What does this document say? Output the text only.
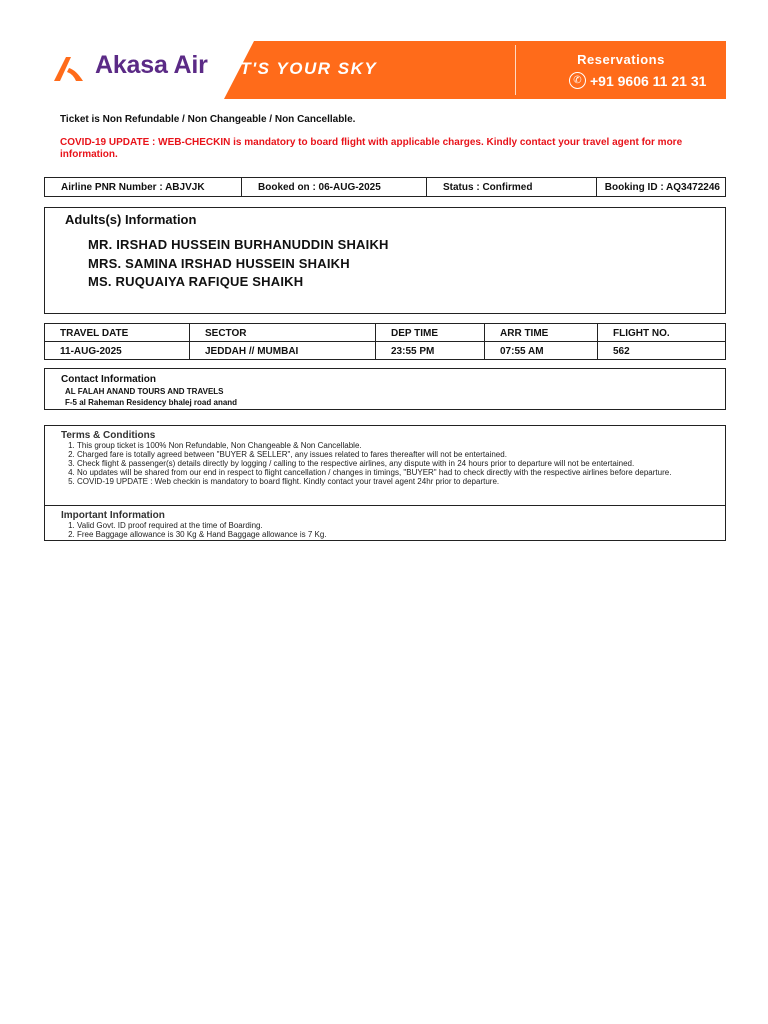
Akasa Air IT'S YOUR SKY	Reservations
✆ +91 9606 11 21 31
Ticket is Non Refundable / Non Changeable / Non Cancellable.
COVID-19 UPDATE : WEB-CHECKIN is mandatory to board flight with applicable charges. Kindly contact your travel agent for more information.
Airline PNR Number : ABJVJK	Booked on : 06-AUG-2025	Status : Confirmed	Booking ID : AQ3472246
Adults(s) Information
MR. IRSHAD HUSSEIN BURHANUDDIN SHAIKH
MRS. SAMINA IRSHAD HUSSEIN SHAIKH
MS. RUQUAIYA RAFIQUE SHAIKH
TRAVEL DATE	SECTOR	DEP TIME	ARR TIME	FLIGHT NO.
11-AUG-2025	JEDDAH // MUMBAI	23:55 PM	07:55 AM	562
Contact Information
AL FALAH ANAND TOURS AND TRAVELS
F-5 al Raheman Residency bhalej road anand
Terms & Conditions
1. This group ticket is 100% Non Refundable, Non Changeable & Non Cancellable.
2. Charged fare is totally agreed between "BUYER & SELLER", any issues related to fares thereafter will not be entertained.
3. Check flight & passenger(s) details directly by logging / calling to the respective airlines, any dispute with in 24 hours prior to departure will not be entertained.
4. No updates will be shared from our end in respect to flight cancellation / changes in timings, "BUYER" had to check directly with the respective airlines before departure.
5. COVID-19 UPDATE : Web checkin is mandatory to board flight. Kindly contact your travel agent 24hr prior to departure.
Important Information
1. Valid Govt. ID proof required at the time of Boarding.
2. Free Baggage allowance is 30 Kg & Hand Baggage allowance is 7 Kg.
